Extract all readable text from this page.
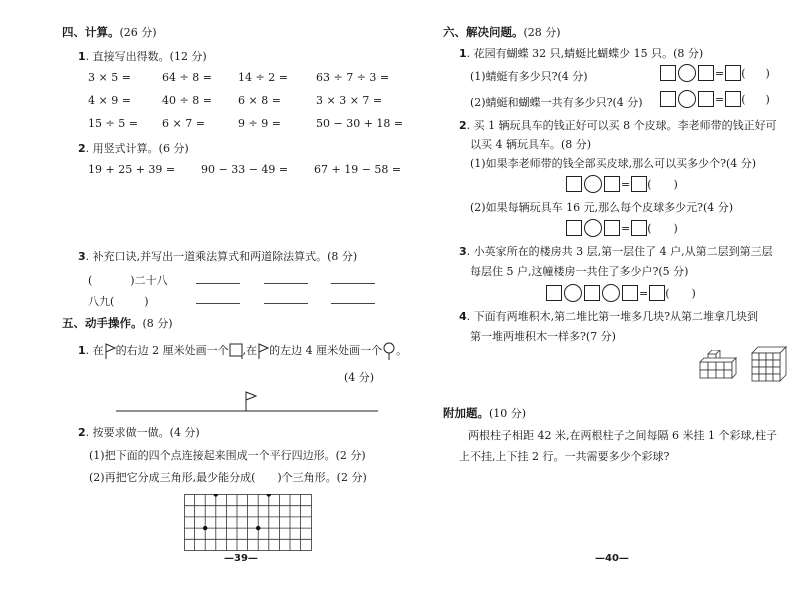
四、计算。(26 分)
1. 直接写出得数。(12 分)
3 × 5 =	64 ÷ 8 = 14 ÷ 2 =	63 ÷ 7 ÷ 3 =
4 × 9 =	40 ÷ 8 = 6 × 8 =	3 × 3 × 7 =
15 ÷ 5 = 6 × 7 =	9 ÷ 9 =	50 − 30 + 18 =
2. 用竖式计算。(6 分)
19 + 25 + 39 = 90 − 33 − 49 = 67 + 19 − 58 =
3. 补充口诀,并写出一道乘法算式和两道除法算式。(8 分)
(	)二十八
八九(	)
五、动手操作。(8 分)
1. 在 的右边 2 厘米处画一个 ,在 的左边 4 厘米处画一个 。
(4 分)
2. 按要求做一做。(4 分)
(1)把下面的四个点连接起来围成一个平行四边形。(2 分)
(2)再把它分成三角形,最少能分成( )个三角形。(2 分)
—39—
六、解决问题。(28 分)
1. 花园有蝴蝶 32 只,蜻蜓比蝴蝶少 15 只。(8 分)
(1)蜻蜓有多少只?(4 分)	= ( )
(2)蜻蜓和蝴蝶一共有多少只?(4 分)	= ( )
2. 买 1 辆玩具车的钱正好可以买 8 个皮球。李老师带的钱正好可
以买 4 辆玩具车。(8 分)
(1)如果李老师带的钱全部买皮球,那么可以买多少个?(4 分)
= ( )
(2)如果每辆玩具车 16 元,那么每个皮球多少元?(4 分)
= ( )
3. 小英家所在的楼房共 3 层,第一层住了 4 户,从第二层到第三层
每层住 5 户,这幢楼房一共住了多少户?(5 分)
= ( )
4. 下面有两堆积木,第二堆比第一堆多几块?从第二堆拿几块到
第一堆两堆积木一样多?(7 分)
附加题。(10 分)
两根柱子相距 42 米,在两根柱子之间每隔 6 米挂 1 个彩球,柱子
上不挂,上下挂 2 行。一共需要多少个彩球?
—40—
